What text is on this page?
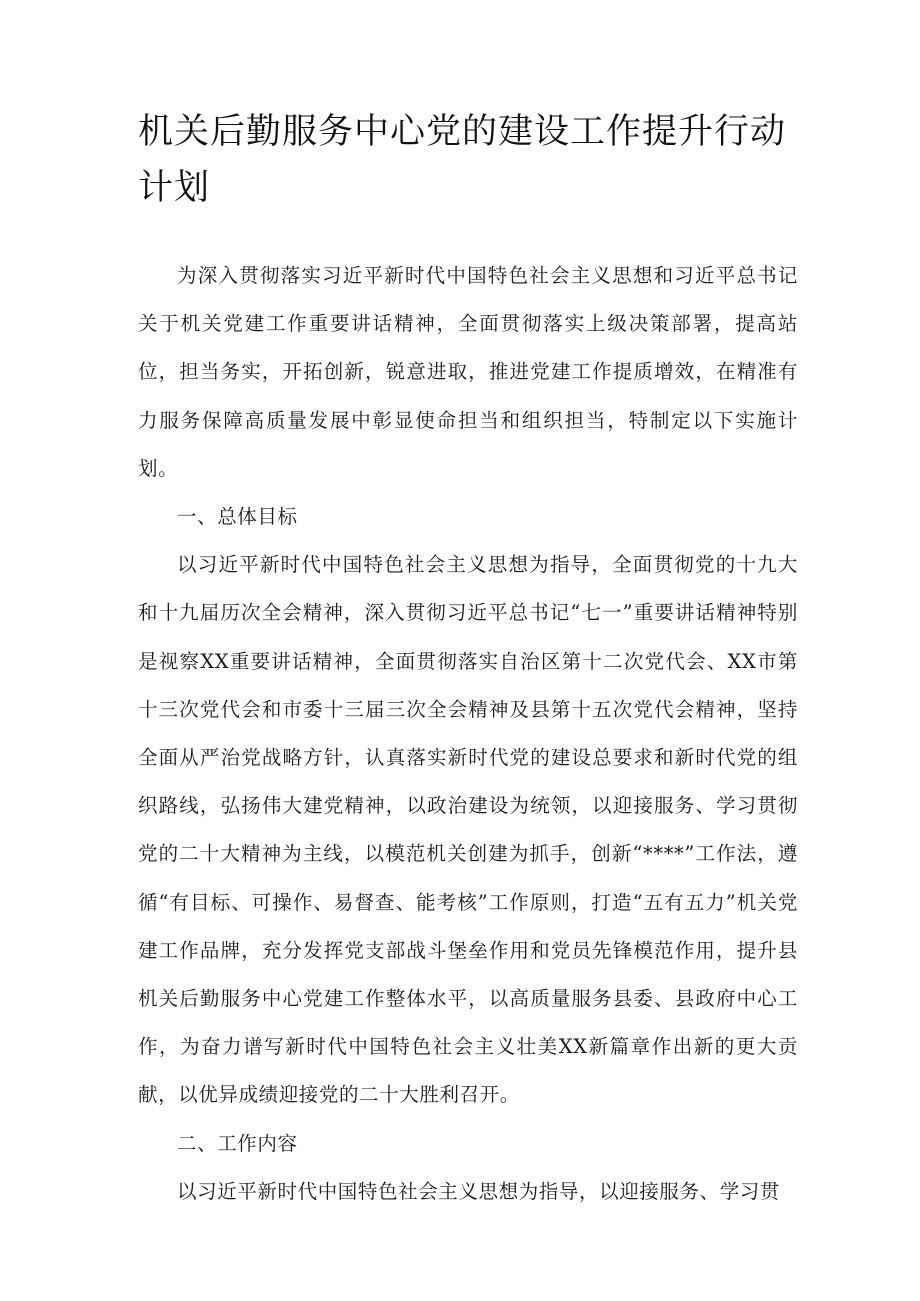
机关后勤服务中心党的建设工作提升行动计划

为深入贯彻落实习近平新时代中国特色社会主义思想和习近平总书记关于机关党建工作重要讲话精神，全面贯彻落实上级决策部署，提高站位，担当务实，开拓创新，锐意进取，推进党建工作提质增效，在精准有力服务保障高质量发展中彰显使命担当和组织担当，特制定以下实施计划。

一、总体目标

以习近平新时代中国特色社会主义思想为指导，全面贯彻党的十九大和十九届历次全会精神，深入贯彻习近平总书记“七一”重要讲话精神特别是视察XX重要讲话精神，全面贯彻落实自治区第十二次党代会、XX市第十三次党代会和市委十三届三次全会精神及县第十五次党代会精神，坚持全面从严治党战略方针，认真落实新时代党的建设总要求和新时代党的组织路线，弘扬伟大建党精神，以政治建设为统领，以迎接服务、学习贯彻党的二十大精神为主线，以模范机关创建为抓手，创新“****”工作法，遵循“有目标、可操作、易督查、能考核”工作原则，打造“五有五力”机关党建工作品牌，充分发挥党支部战斗堡垒作用和党员先锋模范作用，提升县机关后勤服务中心党建工作整体水平，以高质量服务县委、县政府中心工作，为奋力谱写新时代中国特色社会主义壮美XX新篇章作出新的更大贡献，以优异成绩迎接党的二十大胜利召开。

二、工作内容

以习近平新时代中国特色社会主义思想为指导，以迎接服务、学习贯
